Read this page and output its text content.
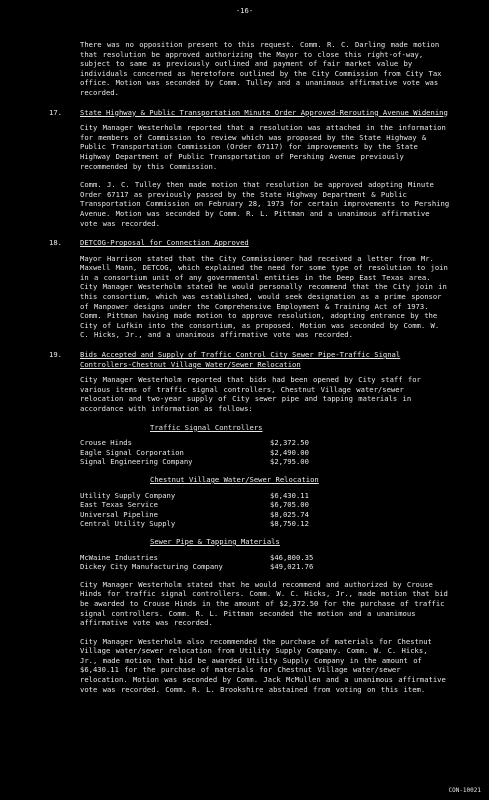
-16-

There was no opposition present to this request. Comm. R. C. Darling made motion that resolution be approved authorizing the Mayor to close this right-of-way, subject to same as previously outlined and payment of fair market value by individuals concerned as heretofore outlined by the City Commission from City Tax office. Motion was seconded by Comm. Tulley and a unanimous affirmative vote was recorded.

17.	State Highway & Public Transportation Minute Order Approved-Rerouting Avenue Widening

City Manager Westerholm reported that a resolution was attached in the information for members of Commission to review which was proposed by the State Highway & Public Transportation Commission (Order 67117) for improvements by the State Highway Department of Public Transportation of Pershing Avenue previously recommended by this Commission.

Comm. J. C. Tulley then made motion that resolution be approved adopting Minute Order 67117 as previously passed by the State Highway Department & Public Transportation Commission on February 28, 1973 for certain improvements to Pershing Avenue. Motion was seconded by Comm. R. L. Pittman and a unanimous affirmative vote was recorded.

18.	DETCOG-Proposal for Connection Approved

Mayor Harrison stated that the City Commissioner had received a letter from Mr. Maxwell Mann, DETCOG, which explained the need for some type of resolution to join in a consortium unit of any governmental entities in the Deep East Texas area. City Manager Westerholm stated he would personally recommend that the City join in this consortium, which was established, would seek designation as a prime sponsor of Manpower designs under the Comprehensive Employment & Training Act of 1973. Comm. Pittman having made motion to approve resolution, adopting entrance by the City of Lufkin into the consortium, as proposed. Motion was seconded by Comm. W. C. Hicks, Jr., and a unanimous affirmative vote was recorded.

19.	Bids Accepted and Supply of Traffic Control City Sewer Pipe-Traffic Signal Controllers-Chestnut Village Water/Sewer Relocation

City Manager Westerholm reported that bids had been opened by City staff for various items of traffic signal controllers, Chestnut Village water/sewer relocation and two-year supply of City sewer pipe and tapping materials in accordance with information as follows:

Traffic Signal Controllers
Crouse Hinds	$2,372.50
Eagle Signal Corporation	$2,490.00
Signal Engineering Company	$2,795.00
Chestnut Village Water/Sewer Relocation
Utility Supply Company	$6,430.11
East Texas Service	$6,705.00
Universal Pipeline	$8,025.74
Central Utility Supply	$8,750.12
Sewer Pipe & Tapping Materials
McWaine Industries	$46,800.35
Dickey City Manufacturing Company	$49,021.76

City Manager Westerholm stated that he would recommend and authorized by Crouse Hinds for traffic signal controllers. Comm. W. C. Hicks, Jr., made motion that bid be awarded to Crouse Hinds in the amount of $2,372.50 for the purchase of traffic signal controllers. Comm. R. L. Pittman seconded the motion and a unanimous affirmative vote was recorded.

City Manager Westerholm also recommended the purchase of materials for Chestnut Village water/sewer relocation from Utility Supply Company. Comm. W. C. Hicks, Jr., made motion that bid be awarded Utility Supply Company in the amount of $6,430.11 for the purchase of materials for Chestnut Village water/sewer relocation. Motion was seconded by Comm. Jack McMullen and a unanimous affirmative vote was recorded. Comm. R. L. Brookshire abstained from voting on this item.

CON-10021
